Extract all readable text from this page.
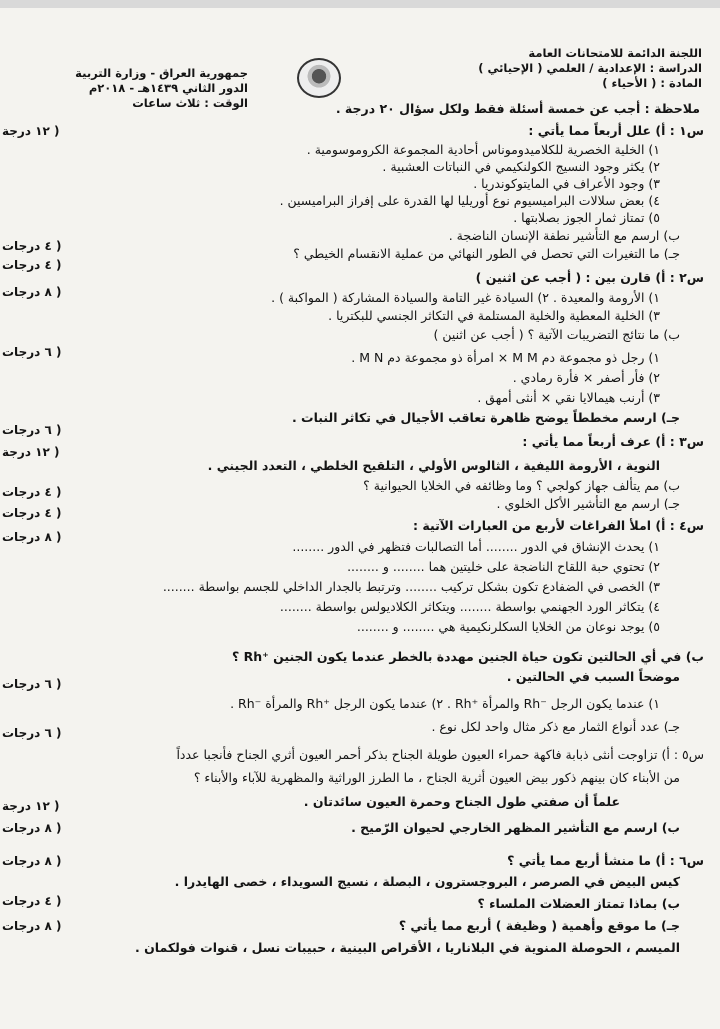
جمهورية العراق - وزارة التربية
الدور الثاني ١٤٣٩هـ - ٢٠١٨م
الوقت : ثلاث ساعات
اللجنة الدائمة للامتحانات العامة
الدراسة : الإعدادية / العلمي ( الإحيائي )
المادة : ( الأحياء )
ملاحظة : أجب عن خمسة أسئلة فقط ولكل سؤال ٢٠ درجة .
س١ : أ) علل أربعاً مما يأتي :
( ١٢ درجة
١) الخلية الخصرية للكلاميدوموناس أحادية المجموعة الكروموسومية .
٢) يكثر وجود النسيج الكولنكيمي في النباتات العشبية .
٣) وجود الأعراف في المايتوكوندريا .
٤) بعض سلالات البراميسيوم نوع أوريليا لها القدرة على إفراز البراميسين .
٥) تمتاز ثمار الجوز بصلابتها .
ب) ارسم مع التأشير نطفة الإنسان الناضجة .
( ٤ درجات	جـ) ما التغيرات التي تحصل في الطور النهائي من عملية الانقسام الخيطي ؟
( ٤ درجات
س٢ : أ) قارن بين : ( أجب عن اثنين )
( ٨ درجات	١) الأرومة والمعيدة . ٢) السيادة غير التامة والسيادة المشاركة ( المواكبة ) .
٣) الخلية المعطية والخلية المستلمة في التكاثر الجنسي للبكتريا .
ب) ما نتائج التضريبات الآتية ؟ ( أجب عن اثنين )
( ٦ درجات	١) رجل ذو مجموعة دم M M × امرأة ذو مجموعة دم M N .
٢) فأر أصفر × فأرة رمادي .
٣) أرنب هيمالايا نقي × أنثى أمهق .
جـ) ارسم مخططاً يوضح ظاهرة تعاقب الأجيال في تكاثر النبات .
( ٦ درجات
س٣ : أ) عرف أربعاً مما يأتي :
( ١٢ درجة
النوية ، الأرومة الليفية ، الثالوس الأولي ، التلقيح الخلطي ، التعدد الجيني .
ب) مم يتألف جهاز كولجي ؟ وما وظائفه في الخلايا الحيوانية ؟
( ٤ درجات
جـ) ارسم مع التأشير الأكل الخلوي .
( ٤ درجات
س٤ : أ) املأ الفراغات لأربع من العبارات الآتية :
( ٨ درجات
١) يحدث الإنشاق في الدور ........ أما التصالبات فتظهر في الدور ........
٢) تحتوي حبة اللقاح الناضجة على خليتين هما ........ و ........
٣) الخصى في الضفادع تكون بشكل تركيب ........ وترتبط بالجدار الداخلي للجسم بواسطة ........
٤) يتكاثر الورد الجهنمي بواسطة ........ ويتكاثر الكلاديولس بواسطة ........
٥) يوجد نوعان من الخلايا السكلرنكيمية هي ........ و ........
ب) في أي الحالتين تكون حياة الجنين مهددة بالخطر عندما يكون الجنين ⁺Rh ؟
موضحاً السبب في الحالتين .
( ٦ درجات
١) عندما يكون الرجل ⁻Rh والمرأة ⁺Rh . ٢) عندما يكون الرجل ⁺Rh والمرأة ⁻Rh .
جـ) عدد أنواع الثمار مع ذكر مثال واحد لكل نوع .
( ٦ درجات
س٥ : أ) تزاوجت أنثى ذبابة فاكهة حمراء العيون طويلة الجناح بذكر أحمر العيون أثري الجناح فأنجبا عدداً
من الأبناء كان بينهم ذكور بيض العيون أثرية الجناح ، ما الطرز الوراثية والمظهرية للآباء والأبناء ؟
علماً أن صفتي طول الجناح وحمرة العيون سائدتان .
( ١٢ درجة
ب) ارسم مع التأشير المظهر الخارجي لحيوان الرّميح .
( ٨ درجات
س٦ : أ) ما منشأ أربع مما يأتي ؟
( ٨ درجات
كيس البيض في الصرصر ، البروجسترون ، البصلة ، نسيج السويداء ، خصى الهايدرا .
ب) بماذا تمتاز العضلات الملساء ؟
( ٤ درجات
جـ) ما موقع وأهمية ( وظيفة ) أربع مما يأتي ؟
( ٨ درجات
الميسم ، الحوصلة المنوية في البلاناريا ، الأقراص البينية ، حبيبات نسل ، قنوات فولكمان .
